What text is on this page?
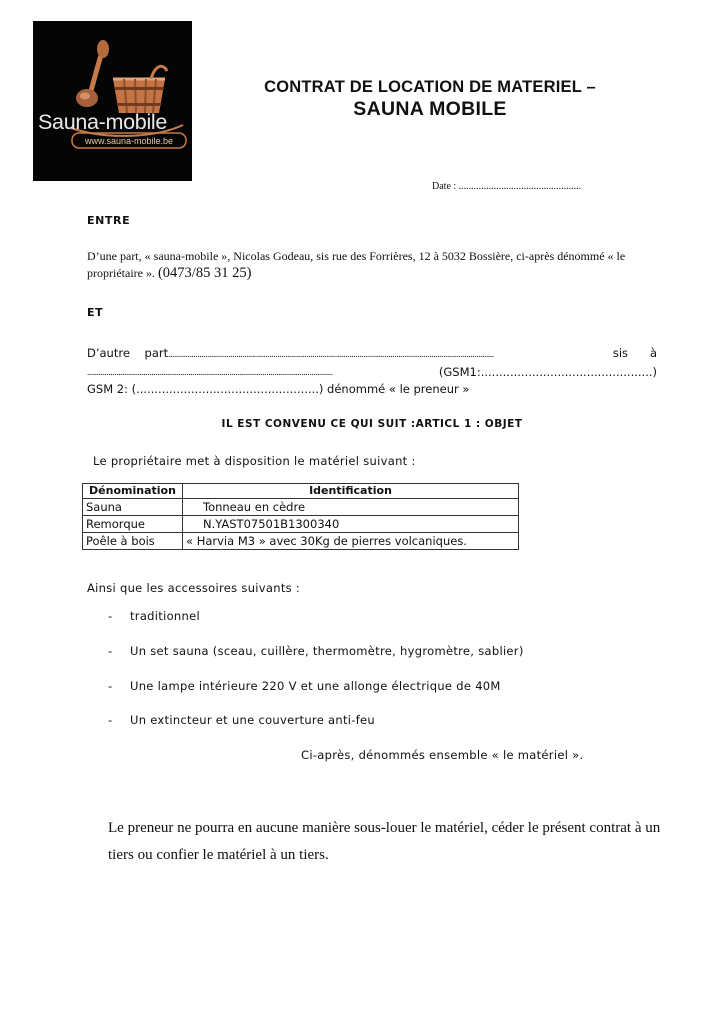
Sauna-mobile
www.sauna-mobile.be
CONTRAT DE LOCATION DE MATERIEL –
SAUNA MOBILE
Date : .................................................
ENTRE
D’une part, « sauna-mobile », Nicolas Godeau, sis rue des Forrières, 12 à 5032 Bossière, ci-après dénommé « le propriétaire ». (0473/85 31 25)
ET
D’autre part.......................................................................................................................................................................	sis      à
..............................................................................................................................	(GSM1:...............................................)
GSM 2: (..................................................) dénommé « le preneur »
IL EST CONVENU CE QUI SUIT :ARTICL 1 : OBJET
Le propriétaire met à disposition le matériel suivant :
Dénomination	Identification
Sauna	Tonneau en cèdre
Remorque	N.YAST07501B1300340
Poêle à bois	« Harvia M3 » avec 30Kg de pierres volcaniques.
Ainsi que les accessoires suivants :
- traditionnel
- Un set sauna (sceau, cuillère, thermomètre, hygromètre, sablier)
- Une lampe intérieure 220 V et une allonge électrique de 40M
- Un extincteur et une couverture anti-feu
Ci-après, dénommés ensemble « le matériel ».
Le preneur ne pourra en aucune manière sous-louer le matériel, céder le présent contrat à un tiers ou confier le matériel à un tiers.
